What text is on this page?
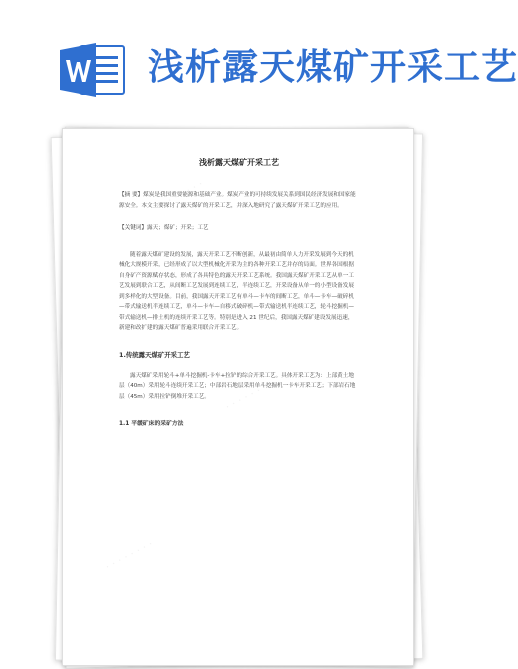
浅析露天煤矿开采工艺
· · · · · · · ·
· · · · · · · ·
· · · · · · · ·
浅析露天煤矿开采工艺

【摘 要】煤炭是我国重要能源和基础产业。煤炭产业的可持续发展关系到国民经济发展和国家能源安全。本文主要探讨了露天煤矿的开采工艺，并深入地研究了露天煤矿开采工艺的应用。

【关键词】露天；煤矿；开采；工艺

随着露天煤矿建设的发展，露天开采工艺不断创新，从最初由简单人力开采发展到今天的机械化大规模开采，已经形成了以大型机械化开采为主的各种开采工艺并存的局面。世界各国根据自身矿产资源赋存状态，形成了各具特色的露天开采工艺系统。我国露天煤矿开采工艺从单一工艺发展到联合工艺，从间断工艺发展到连续工艺，半连续工艺，开采设备从单一的小型设备发展到多样化的大型设备。目前，我国露天开采工艺有单斗—卡车的间断工艺，单斗—卡车—破碎机—带式输送机半连续工艺，单斗—卡车—自移式破碎机—带式输送机半连续工艺，轮斗挖掘机—带式输送机—排土机的连续开采工艺等。特别是进入 21 世纪后，我国露天煤矿建设发展迅速，新建和改扩建的露天煤矿普遍采用联合开采工艺。

1.传统露天煤矿开采工艺

露天煤矿采用轮斗+单斗挖掘机-卡车+拉铲的综合开采工艺。具体开采工艺为：上部黄土地层（40m）采用轮斗连续开采工艺；中部岩石地层采用单斗挖掘机一卡车开采工艺；下部岩石地层（45m）采用拉铲倒堆开采工艺。

1.1 平缓矿床的采矿方法
